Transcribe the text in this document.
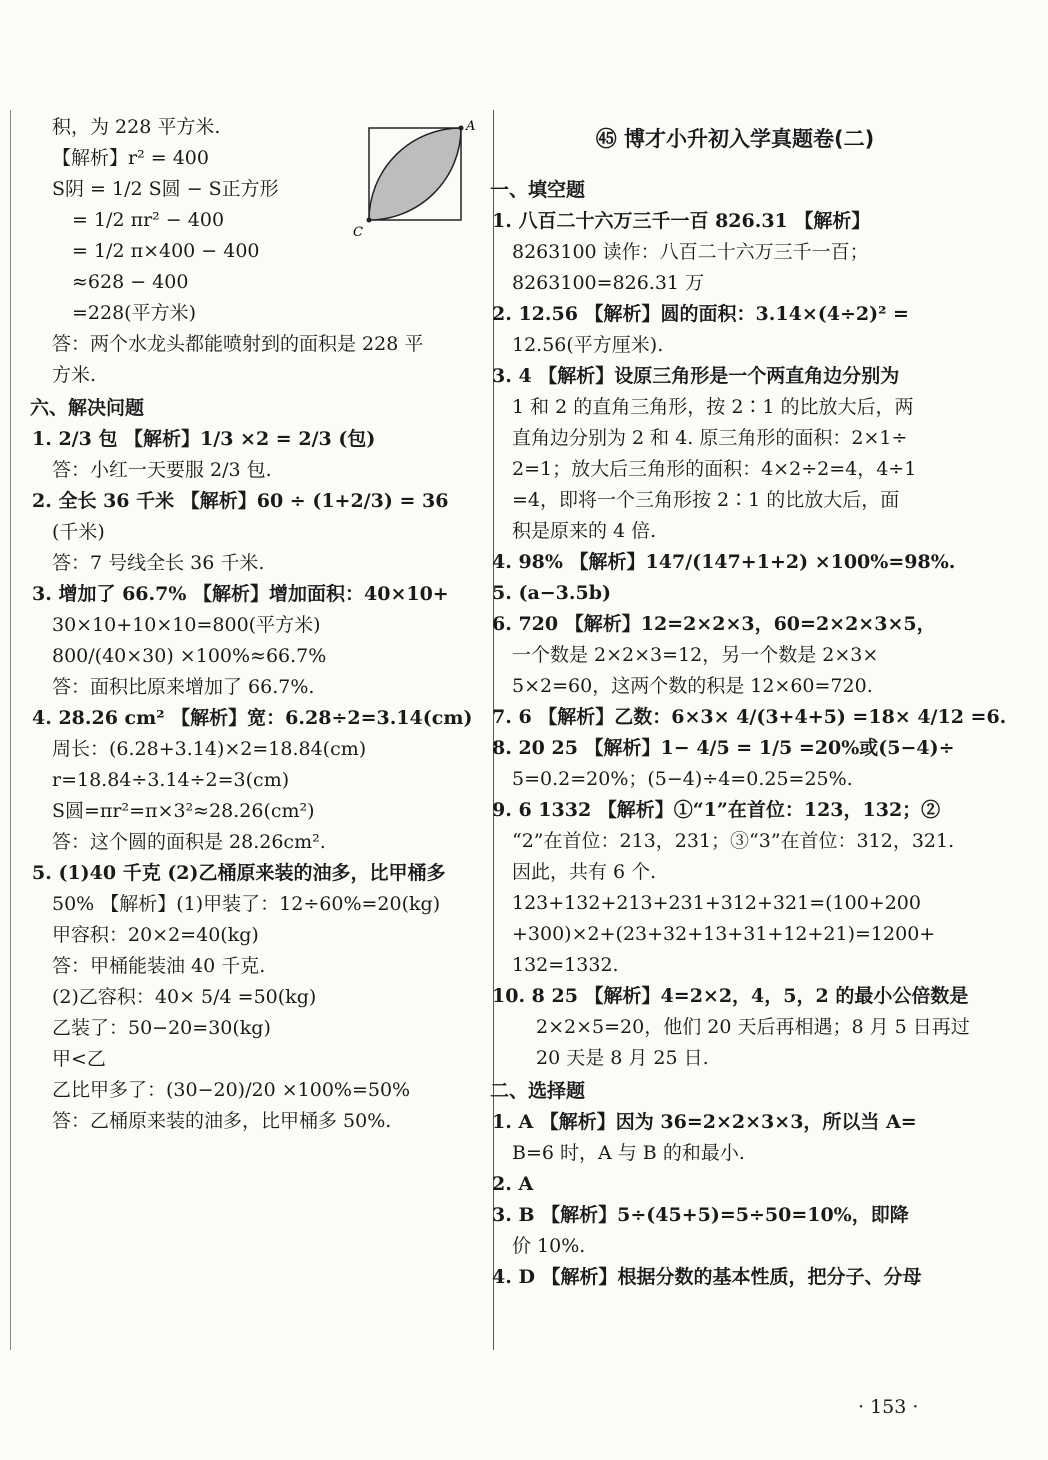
A
C
积，为 228 平方米.
【解析】r² = 400
S阴 = 1/2 S圆 − S正方形
= 1/2 πr² − 400
= 1/2 π×400 − 400
≈628 − 400
=228(平方米)
答：两个水龙头都能喷射到的面积是 228 平
方米.
六、解决问题
1. 2/3 包 【解析】1/3 ×2 = 2/3 (包)
答：小红一天要服 2/3 包.
2. 全长 36 千米 【解析】60 ÷ (1+2/3) = 36
(千米)
答：7 号线全长 36 千米.
3. 增加了 66.7% 【解析】增加面积：40×10+
30×10+10×10=800(平方米)
800/(40×30) ×100%≈66.7%
答：面积比原来增加了 66.7%.
4. 28.26 cm² 【解析】宽：6.28÷2=3.14(cm)
周长：(6.28+3.14)×2=18.84(cm)
r=18.84÷3.14÷2=3(cm)
S圆=πr²=π×3²≈28.26(cm²)
答：这个圆的面积是 28.26cm².
5. (1)40 千克 (2)乙桶原来装的油多，比甲桶多
50% 【解析】(1)甲装了：12÷60%=20(kg)
甲容积：20×2=40(kg)
答：甲桶能装油 40 千克.
(2)乙容积：40× 5/4 =50(kg)
乙装了：50−20=30(kg)
甲<乙
乙比甲多了：(30−20)/20 ×100%=50%
答：乙桶原来装的油多，比甲桶多 50%.
㊺ 博才小升初入学真题卷(二)
一、填空题
1. 八百二十六万三千一百 826.31 【解析】
8263100 读作：八百二十六万三千一百；
8263100=826.31 万
2. 12.56 【解析】圆的面积：3.14×(4÷2)² =
12.56(平方厘米).
3. 4 【解析】设原三角形是一个两直角边分别为
1 和 2 的直角三角形，按 2∶1 的比放大后，两
直角边分别为 2 和 4. 原三角形的面积：2×1÷
2=1；放大后三角形的面积：4×2÷2=4，4÷1
=4，即将一个三角形按 2∶1 的比放大后，面
积是原来的 4 倍.
4. 98% 【解析】147/(147+1+2) ×100%=98%.
5. (a−3.5b)
6. 720 【解析】12=2×2×3，60=2×2×3×5，
一个数是 2×2×3=12，另一个数是 2×3×
5×2=60，这两个数的积是 12×60=720.
7. 6 【解析】乙数：6×3× 4/(3+4+5) =18× 4/12 =6.
8. 20 25 【解析】1− 4/5 = 1/5 =20%或(5−4)÷
5=0.2=20%；(5−4)÷4=0.25=25%.
9. 6 1332 【解析】①“1”在首位：123，132；②
“2”在首位：213，231；③“3”在首位：312，321.
因此，共有 6 个.
123+132+213+231+312+321=(100+200
+300)×2+(23+32+13+31+12+21)=1200+
132=1332.
10. 8 25 【解析】4=2×2，4，5，2 的最小公倍数是
2×2×5=20，他们 20 天后再相遇；8 月 5 日再过
20 天是 8 月 25 日.
二、选择题
1. A 【解析】因为 36=2×2×3×3，所以当 A=
B=6 时，A 与 B 的和最小.
2. A
3. B 【解析】5÷(45+5)=5÷50=10%，即降
价 10%.
4. D 【解析】根据分数的基本性质，把分子、分母
· 153 ·
